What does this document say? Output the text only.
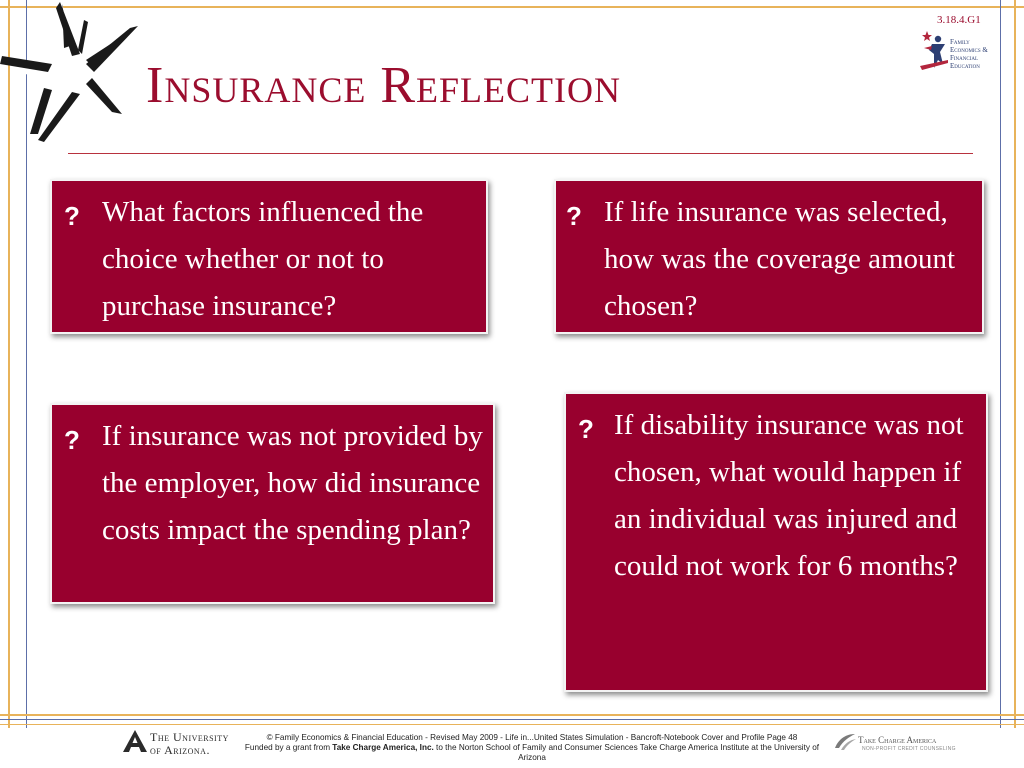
Insurance Reflection
3.18.4.G1
Family
Economics &
Financial
Education
? What factors influenced the choice whether or not to purchase insurance?
? If life insurance was selected, how was the coverage amount chosen?
? If insurance was not provided by the employer, how did insurance costs impact the spending plan?
? If disability insurance was not chosen, what would happen if an individual was injured and could not work for 6 months?
The University
of Arizona.
© Family Economics & Financial Education - Revised May 2009 - Life in...United States Simulation - Bancroft-Notebook Cover and Profile Page 48
Funded by a grant from Take Charge America, Inc. to the Norton School of Family and Consumer Sciences Take Charge America Institute at the University of Arizona
Take Charge America
NON-PROFIT CREDIT COUNSELING
